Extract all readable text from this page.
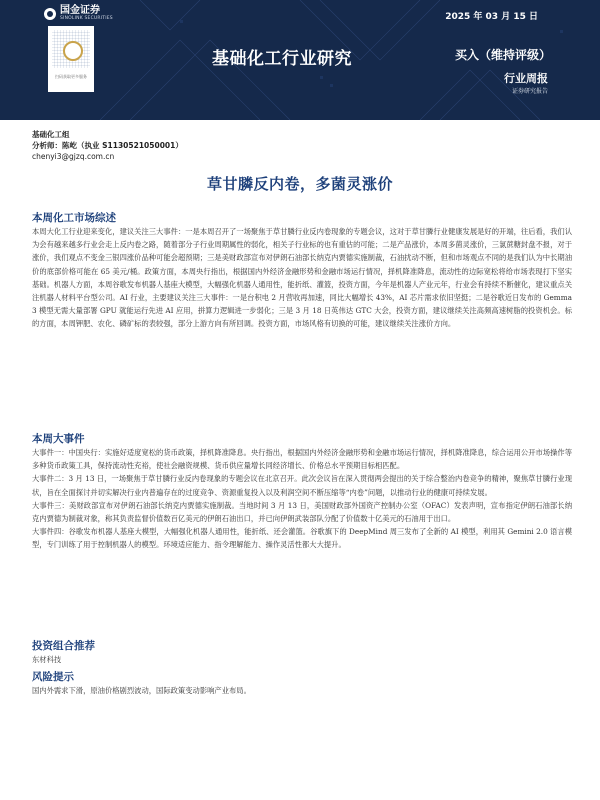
国金证券
SINOLINK SECURITIES
扫码获取更多服务
2025 年 03 月 15 日
基础化工行业研究	买入（维持评级）
行业周报
证券研究报告
基础化工组
分析师：陈屹（执业 S1130521050001）
chenyi3@gjzq.com.cn
草甘膦反内卷，多菌灵涨价
本周化工市场综述

本周大化工行业迎来变化，建议关注三大事件：一是本周召开了一场聚焦于草甘膦行业反内卷现象的专题会议，这对于草甘膦行业健康发展是好的开端，往后看，我们认为会有越来越多行业会走上反内卷之路，随着部分子行业周期属性的弱化，相关子行业标的也有重估的可能；二是产品涨价，本周多菌灵涨价，三氯蔗糖封盘不报，对于涨价，我们观点不变金三银四涨价品种可能会超预期；三是美财政部宣布对伊朗石油部长纳克内贾德实施制裁，石油扰动不断，但和市场观点不同的是我们认为中长期油价的底部价格可能在 65 美元/桶。政策方面，本周央行指出，根据国内外经济金融形势和金融市场运行情况，择机降准降息，流动性的边际宽松将给市场表现打下坚实基础。机器人方面，本周谷歌发布机器人基座大模型，大幅强化机器人通用性，能折纸、灌篮，投资方面，今年是机器人产业元年，行业会有持续不断催化，建议重点关注机器人材料平台型公司。AI 行业，主要建议关注三大事件：一是台积电 2 月营收再加速，同比大幅增长 43%，AI 芯片需求依旧坚挺；二是谷歌近日发布的 Gemma 3 模型无需大量部署 GPU 就能运行先进 AI 应用，拼算力逻辑进一步弱化；三是 3 月 18 日英伟达 GTC 大会，投资方面，建议继续关注高频高速树脂的投资机会。标的方面，本周钾肥、农化、磷矿标的表较强，部分上游方向有所回调。投资方面，市场风格有切换的可能，建议继续关注涨价方向。

本周大事件

大事件一：中国央行：实施好适度宽松的货币政策，择机降准降息。央行指出，根据国内外经济金融形势和金融市场运行情况，择机降准降息，综合运用公开市场操作等多种货币政策工具，保持流动性充裕，使社会融资规模、货币供应量增长同经济增长、价格总水平预期目标相匹配。

大事件二：3 月 13 日，一场聚焦于草甘膦行业反内卷现象的专题会议在北京召开。此次会议旨在深入贯彻两会提出的关于综合整治内卷竞争的精神，聚焦草甘膦行业现状，旨在全面探讨并切实解决行业内普遍存在的过度竞争、资源重复投入以及利润空间不断压缩等“内卷”问题，以推动行业的健康可持续发展。

大事件三：美财政部宣布对伊朗石油部长纳克内贾德实施制裁。当地时间 3 月 13 日，美国财政部外国资产控制办公室（OFAC）发表声明，宣布指定伊朗石油部长纳克内贾德为制裁对象，称其负责监督价值数百亿美元的伊朗石油出口，并已向伊朗武装部队分配了价值数十亿美元的石油用于出口。

大事件四：谷歌发布机器人基座大模型，大幅强化机器人通用性，能折纸、还会灌篮。谷歌旗下的 DeepMind 周三发布了全新的 AI 模型，利用其 Gemini 2.0 语言模型，专门训练了用于控制机器人的模型。环境适应能力、指令理解能力、操作灵活性都大大提升。

投资组合推荐
东材科技
风险提示
国内外需求下滑，原油价格剧烈波动，国际政策变动影响产业布局。
